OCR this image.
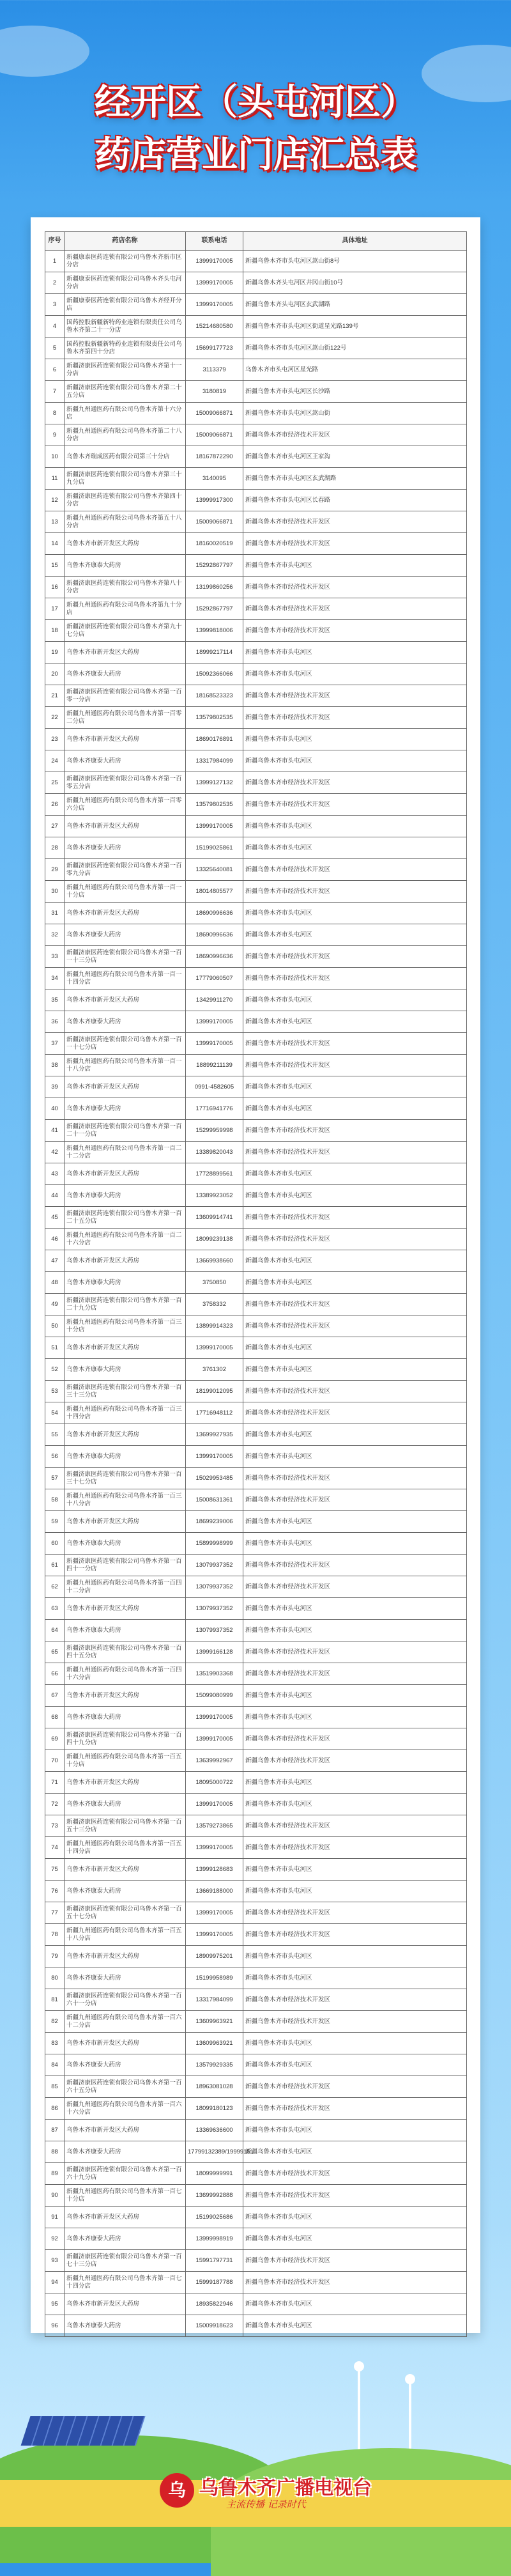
经开区（头屯河区）
药店营业门店汇总表
序号	药店名称	联系电话	具体地址
1	新疆康泰医药连锁有限公司乌鲁木齐新市区分店	13999170005	新疆乌鲁木齐市头屯河区嵩山街8号
2	新疆康泰医药连锁有限公司乌鲁木齐头屯河分店	13999170005	新疆乌鲁木齐头屯河区井冈山街10号
3	新疆康泰医药连锁有限公司乌鲁木齐经开分店	13999170005	新疆乌鲁木齐头屯河区玄武湖路
4	国药控股新疆新特药业连锁有限责任公司乌鲁木齐第二十一分店	15214680580	新疆乌鲁木齐市头屯河区街道星光路139号
5	国药控股新疆新特药业连锁有限责任公司乌鲁木齐第四十分店	15699177723	新疆乌鲁木齐市头屯河区嵩山街122号
6	新疆济康医药连锁有限公司乌鲁木齐第十一分店	3113379	乌鲁木齐市头屯河区星光路
7	新疆济康医药连锁有限公司乌鲁木齐第二十五分店	3180819	新疆乌鲁木齐市头屯河区长沙路
8	新疆九州通医药有限公司乌鲁木齐第十六分店	15009066871	新疆乌鲁木齐市头屯河区嵩山街
9	新疆九州通医药有限公司乌鲁木齐第二十八分店	15009066871	新疆乌鲁木齐市经济技术开发区
10	乌鲁木齐瑞成医药有限公司第三十分店	18167872290	新疆乌鲁木齐市头屯河区王家沟
11	新疆济康医药连锁有限公司乌鲁木齐第三十九分店	3140095	新疆乌鲁木齐市头屯河区玄武湖路
12	新疆济康医药连锁有限公司乌鲁木齐第四十分店	13999917300	新疆乌鲁木齐市头屯河区长春路
13	新疆九州通医药有限公司乌鲁木齐第五十八分店	15009066871	新疆乌鲁木齐市经济技术开发区
14	乌鲁木齐市新开发区大药房	18160020519	新疆乌鲁木齐市经济技术开发区
15	乌鲁木齐康泰大药房	15292867797	新疆乌鲁木齐市头屯河区
16	新疆济康医药连锁有限公司乌鲁木齐第八十分店	13199860256	新疆乌鲁木齐市经济技术开发区
17	新疆九州通医药有限公司乌鲁木齐第九十分店	15292867797	新疆乌鲁木齐市经济技术开发区
18	新疆济康医药连锁有限公司乌鲁木齐第九十七分店	13999818006	新疆乌鲁木齐市经济技术开发区
19	乌鲁木齐市新开发区大药房	18999217114	新疆乌鲁木齐市头屯河区
20	乌鲁木齐康泰大药房	15092366066	新疆乌鲁木齐市头屯河区
21	新疆济康医药连锁有限公司乌鲁木齐第一百零一分店	18168523323	新疆乌鲁木齐市经济技术开发区
22	新疆九州通医药有限公司乌鲁木齐第一百零二分店	13579802535	新疆乌鲁木齐市经济技术开发区
23	乌鲁木齐市新开发区大药房	18690176891	新疆乌鲁木齐市头屯河区
24	乌鲁木齐康泰大药房	13317984099	新疆乌鲁木齐市头屯河区
25	新疆济康医药连锁有限公司乌鲁木齐第一百零五分店	13999127132	新疆乌鲁木齐市经济技术开发区
26	新疆九州通医药有限公司乌鲁木齐第一百零六分店	13579802535	新疆乌鲁木齐市经济技术开发区
27	乌鲁木齐市新开发区大药房	13999170005	新疆乌鲁木齐市头屯河区
28	乌鲁木齐康泰大药房	15199025861	新疆乌鲁木齐市头屯河区
29	新疆济康医药连锁有限公司乌鲁木齐第一百零九分店	13325640081	新疆乌鲁木齐市经济技术开发区
30	新疆九州通医药有限公司乌鲁木齐第一百一十分店	18014805577	新疆乌鲁木齐市经济技术开发区
31	乌鲁木齐市新开发区大药房	18690996636	新疆乌鲁木齐市头屯河区
32	乌鲁木齐康泰大药房	18690996636	新疆乌鲁木齐市头屯河区
33	新疆济康医药连锁有限公司乌鲁木齐第一百一十三分店	18690996636	新疆乌鲁木齐市经济技术开发区
34	新疆九州通医药有限公司乌鲁木齐第一百一十四分店	17779060507	新疆乌鲁木齐市经济技术开发区
35	乌鲁木齐市新开发区大药房	13429911270	新疆乌鲁木齐市头屯河区
36	乌鲁木齐康泰大药房	13999170005	新疆乌鲁木齐市头屯河区
37	新疆济康医药连锁有限公司乌鲁木齐第一百一十七分店	13999170005	新疆乌鲁木齐市经济技术开发区
38	新疆九州通医药有限公司乌鲁木齐第一百一十八分店	18899211139	新疆乌鲁木齐市经济技术开发区
39	乌鲁木齐市新开发区大药房	0991-4582605	新疆乌鲁木齐市头屯河区
40	乌鲁木齐康泰大药房	17716941776	新疆乌鲁木齐市头屯河区
41	新疆济康医药连锁有限公司乌鲁木齐第一百二十一分店	15299959998	新疆乌鲁木齐市经济技术开发区
42	新疆九州通医药有限公司乌鲁木齐第一百二十二分店	13389820043	新疆乌鲁木齐市经济技术开发区
43	乌鲁木齐市新开发区大药房	17728899561	新疆乌鲁木齐市头屯河区
44	乌鲁木齐康泰大药房	13389923052	新疆乌鲁木齐市头屯河区
45	新疆济康医药连锁有限公司乌鲁木齐第一百二十五分店	13609914741	新疆乌鲁木齐市经济技术开发区
46	新疆九州通医药有限公司乌鲁木齐第一百二十六分店	18099239138	新疆乌鲁木齐市经济技术开发区
47	乌鲁木齐市新开发区大药房	13669938660	新疆乌鲁木齐市头屯河区
48	乌鲁木齐康泰大药房	3750850	新疆乌鲁木齐市头屯河区
49	新疆济康医药连锁有限公司乌鲁木齐第一百二十九分店	3758332	新疆乌鲁木齐市经济技术开发区
50	新疆九州通医药有限公司乌鲁木齐第一百三十分店	13899914323	新疆乌鲁木齐市经济技术开发区
51	乌鲁木齐市新开发区大药房	13999170005	新疆乌鲁木齐市头屯河区
52	乌鲁木齐康泰大药房	3761302	新疆乌鲁木齐市头屯河区
53	新疆济康医药连锁有限公司乌鲁木齐第一百三十三分店	18199012095	新疆乌鲁木齐市经济技术开发区
54	新疆九州通医药有限公司乌鲁木齐第一百三十四分店	17716948112	新疆乌鲁木齐市经济技术开发区
55	乌鲁木齐市新开发区大药房	13699927935	新疆乌鲁木齐市头屯河区
56	乌鲁木齐康泰大药房	13999170005	新疆乌鲁木齐市头屯河区
57	新疆济康医药连锁有限公司乌鲁木齐第一百三十七分店	15029953485	新疆乌鲁木齐市经济技术开发区
58	新疆九州通医药有限公司乌鲁木齐第一百三十八分店	15008631361	新疆乌鲁木齐市经济技术开发区
59	乌鲁木齐市新开发区大药房	18699239006	新疆乌鲁木齐市头屯河区
60	乌鲁木齐康泰大药房	15899998999	新疆乌鲁木齐市头屯河区
61	新疆济康医药连锁有限公司乌鲁木齐第一百四十一分店	13079937352	新疆乌鲁木齐市经济技术开发区
62	新疆九州通医药有限公司乌鲁木齐第一百四十二分店	13079937352	新疆乌鲁木齐市经济技术开发区
63	乌鲁木齐市新开发区大药房	13079937352	新疆乌鲁木齐市头屯河区
64	乌鲁木齐康泰大药房	13079937352	新疆乌鲁木齐市头屯河区
65	新疆济康医药连锁有限公司乌鲁木齐第一百四十五分店	13999166128	新疆乌鲁木齐市经济技术开发区
66	新疆九州通医药有限公司乌鲁木齐第一百四十六分店	13519903368	新疆乌鲁木齐市经济技术开发区
67	乌鲁木齐市新开发区大药房	15099080999	新疆乌鲁木齐市头屯河区
68	乌鲁木齐康泰大药房	13999170005	新疆乌鲁木齐市头屯河区
69	新疆济康医药连锁有限公司乌鲁木齐第一百四十九分店	13999170005	新疆乌鲁木齐市经济技术开发区
70	新疆九州通医药有限公司乌鲁木齐第一百五十分店	13639992967	新疆乌鲁木齐市经济技术开发区
71	乌鲁木齐市新开发区大药房	18095000722	新疆乌鲁木齐市头屯河区
72	乌鲁木齐康泰大药房	13999170005	新疆乌鲁木齐市头屯河区
73	新疆济康医药连锁有限公司乌鲁木齐第一百五十三分店	13579273865	新疆乌鲁木齐市经济技术开发区
74	新疆九州通医药有限公司乌鲁木齐第一百五十四分店	13999170005	新疆乌鲁木齐市经济技术开发区
75	乌鲁木齐市新开发区大药房	13999128683	新疆乌鲁木齐市头屯河区
76	乌鲁木齐康泰大药房	13669188000	新疆乌鲁木齐市头屯河区
77	新疆济康医药连锁有限公司乌鲁木齐第一百五十七分店	13999170005	新疆乌鲁木齐市经济技术开发区
78	新疆九州通医药有限公司乌鲁木齐第一百五十八分店	13999170005	新疆乌鲁木齐市经济技术开发区
79	乌鲁木齐市新开发区大药房	18909975201	新疆乌鲁木齐市头屯河区
80	乌鲁木齐康泰大药房	15199958989	新疆乌鲁木齐市头屯河区
81	新疆济康医药连锁有限公司乌鲁木齐第一百六十一分店	13317984099	新疆乌鲁木齐市经济技术开发区
82	新疆九州通医药有限公司乌鲁木齐第一百六十二分店	13609963921	新疆乌鲁木齐市经济技术开发区
83	乌鲁木齐市新开发区大药房	13609963921	新疆乌鲁木齐市头屯河区
84	乌鲁木齐康泰大药房	13579929335	新疆乌鲁木齐市头屯河区
85	新疆济康医药连锁有限公司乌鲁木齐第一百六十五分店	18963081028	新疆乌鲁木齐市经济技术开发区
86	新疆九州通医药有限公司乌鲁木齐第一百六十六分店	18099180123	新疆乌鲁木齐市经济技术开发区
87	乌鲁木齐市新开发区大药房	13369636600	新疆乌鲁木齐市头屯河区
88	乌鲁木齐康泰大药房	17799132389/19999151	新疆乌鲁木齐市头屯河区
89	新疆济康医药连锁有限公司乌鲁木齐第一百六十九分店	18099999991	新疆乌鲁木齐市经济技术开发区
90	新疆九州通医药有限公司乌鲁木齐第一百七十分店	13699992888	新疆乌鲁木齐市经济技术开发区
91	乌鲁木齐市新开发区大药房	15199025686	新疆乌鲁木齐市头屯河区
92	乌鲁木齐康泰大药房	13999998919	新疆乌鲁木齐市头屯河区
93	新疆济康医药连锁有限公司乌鲁木齐第一百七十三分店	15991797731	新疆乌鲁木齐市经济技术开发区
94	新疆九州通医药有限公司乌鲁木齐第一百七十四分店	15999187788	新疆乌鲁木齐市经济技术开发区
95	乌鲁木齐市新开发区大药房	18935822946	新疆乌鲁木齐市头屯河区
96	乌鲁木齐康泰大药房	15009918623	新疆乌鲁木齐市头屯河区
乌 乌鲁木齐广播电视台
主流传播 记录时代
